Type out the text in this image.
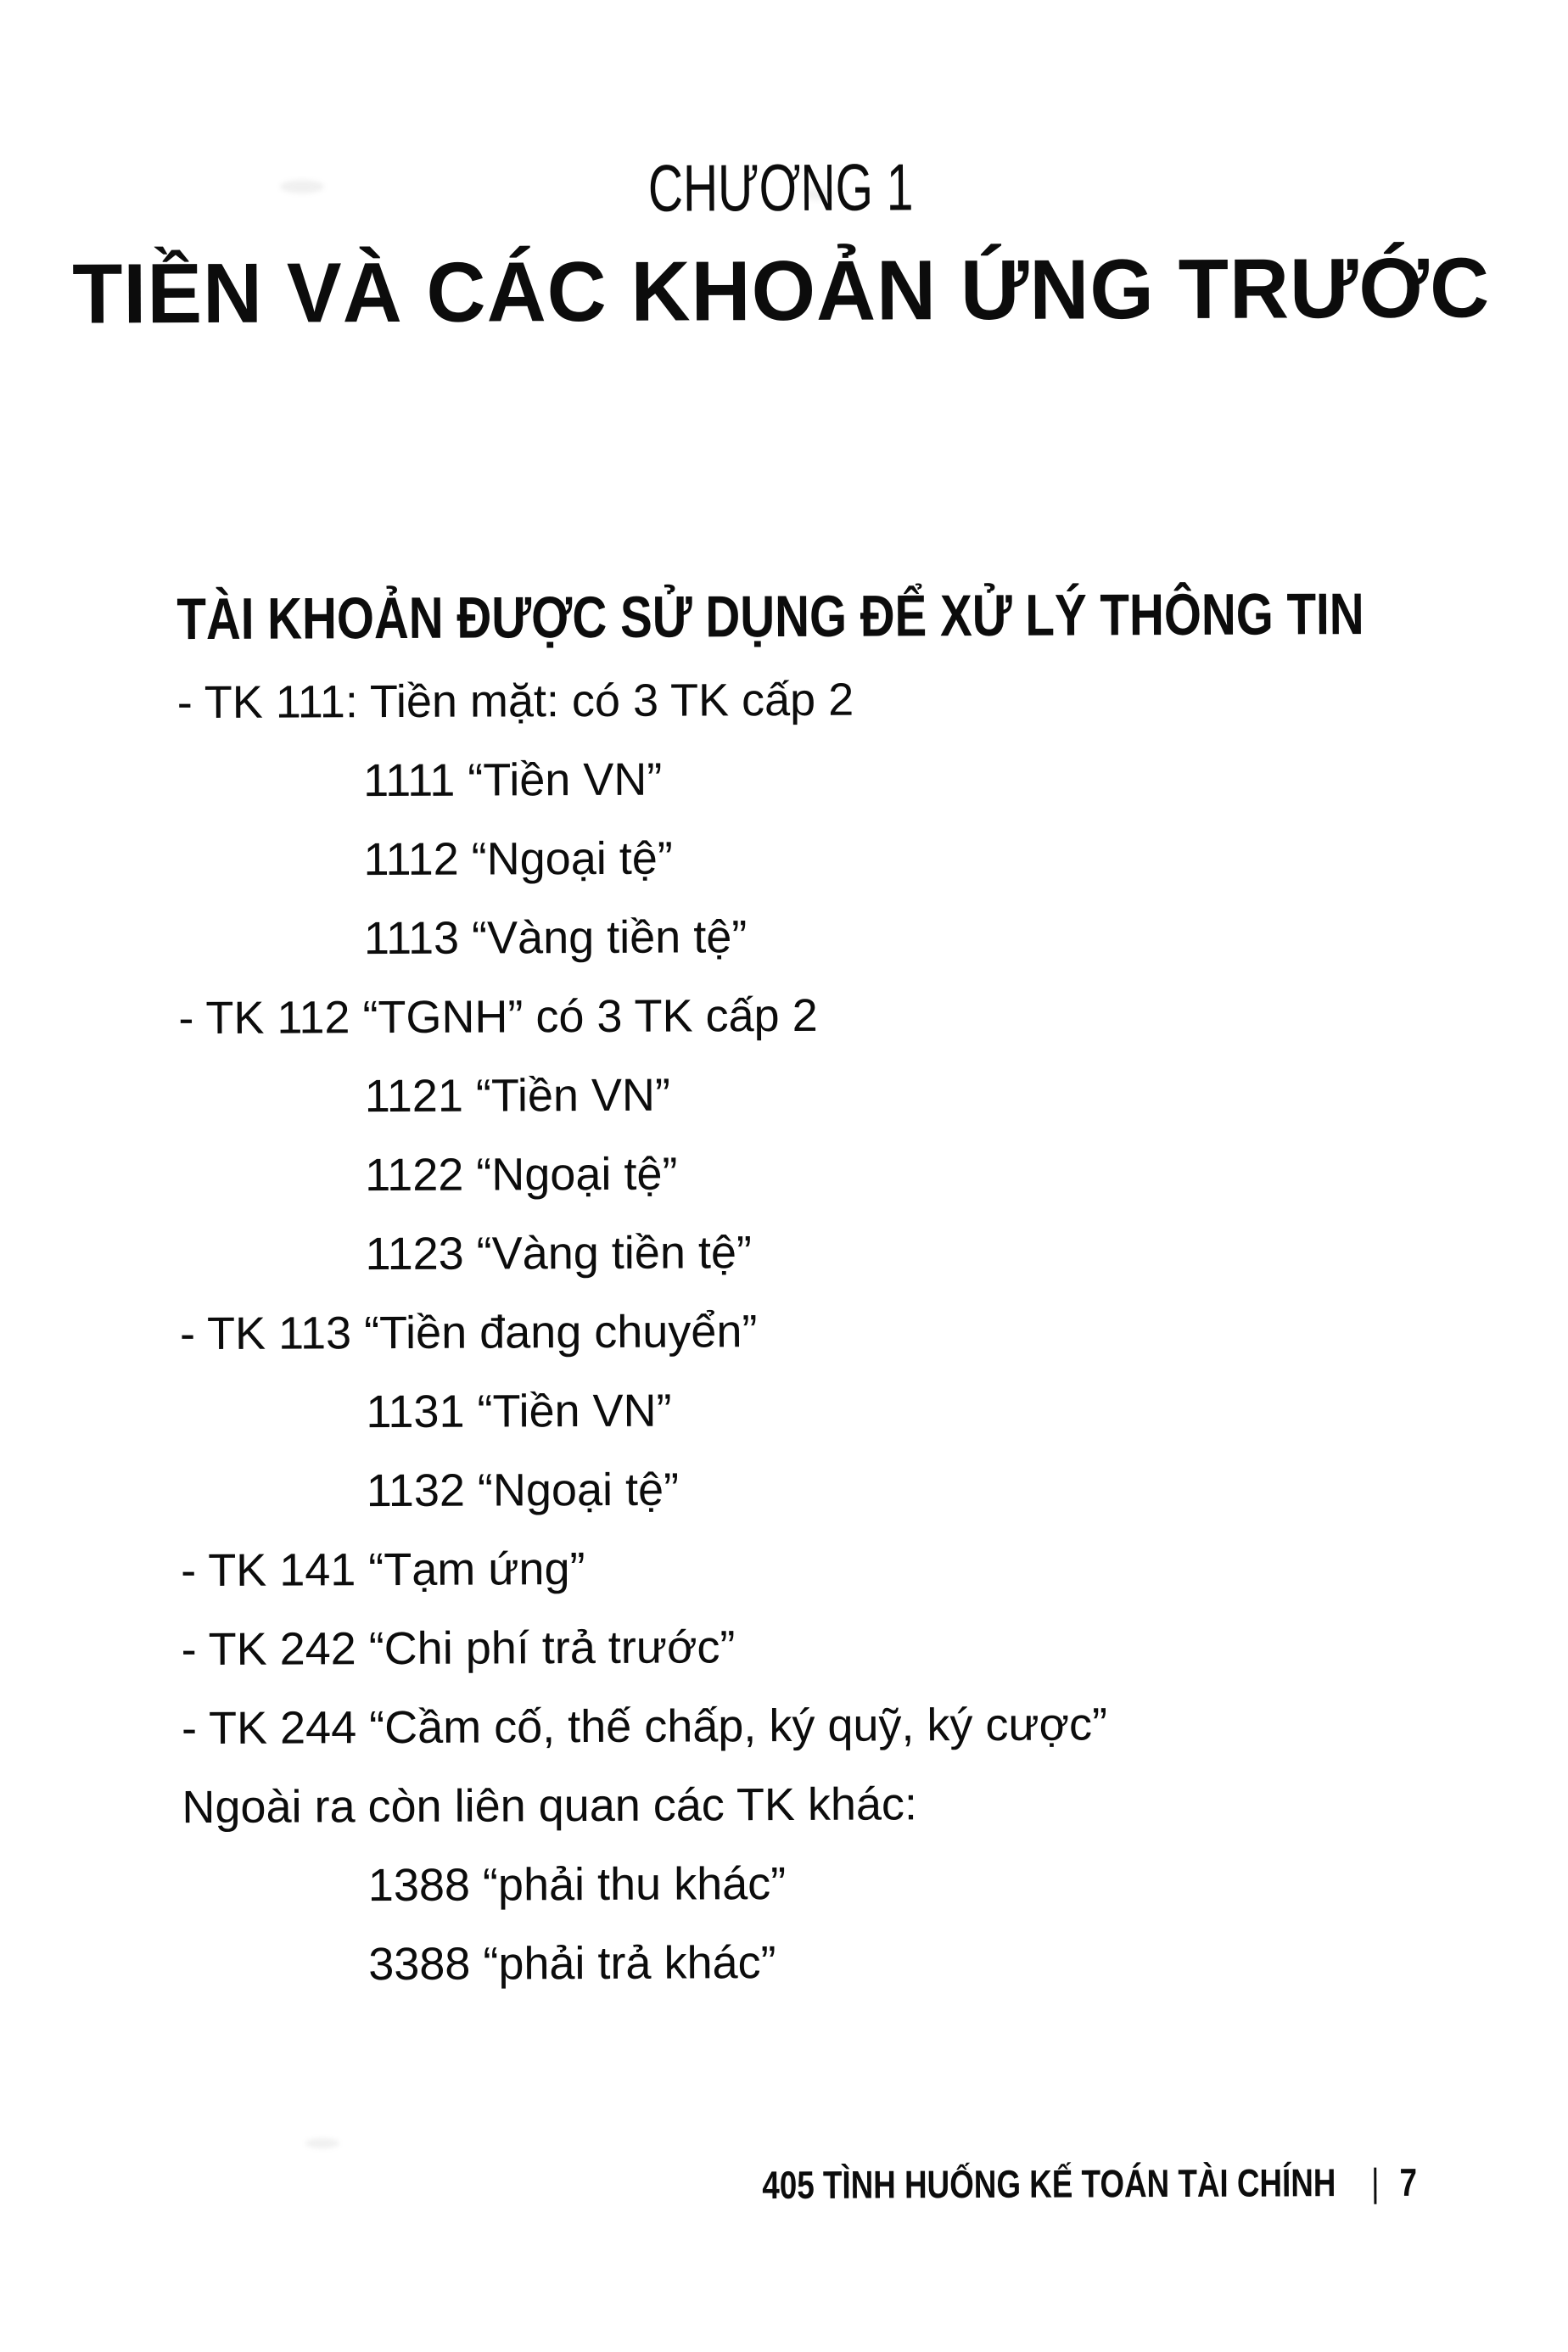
CHƯƠNG 1
TIỀN VÀ CÁC KHOẢN ỨNG TRƯỚC
TÀI KHOẢN ĐƯỢC SỬ DỤNG ĐỂ XỬ LÝ THÔNG TIN
- TK 111: Tiền mặt: có 3 TK cấp 2
1111 “Tiền VN”
1112 “Ngoại tệ”
1113 “Vàng tiền tệ”
- TK 112 “TGNH” có 3 TK cấp 2
1121 “Tiền VN”
1122 “Ngoại tệ”
1123 “Vàng tiền tệ”
- TK 113 “Tiền đang chuyển”
1131 “Tiền VN”
1132 “Ngoại tệ”
- TK 141 “Tạm ứng”
- TK 242 “Chi phí trả trước”
- TK 244 “Cầm cố, thế chấp, ký quỹ, ký cược”
Ngoài ra còn liên quan các TK khác:
1388 “phải thu khác”
3388 “phải trả khác”
405 TÌNH HUỐNG KẾ TOÁN TÀI CHÍNH | 7
